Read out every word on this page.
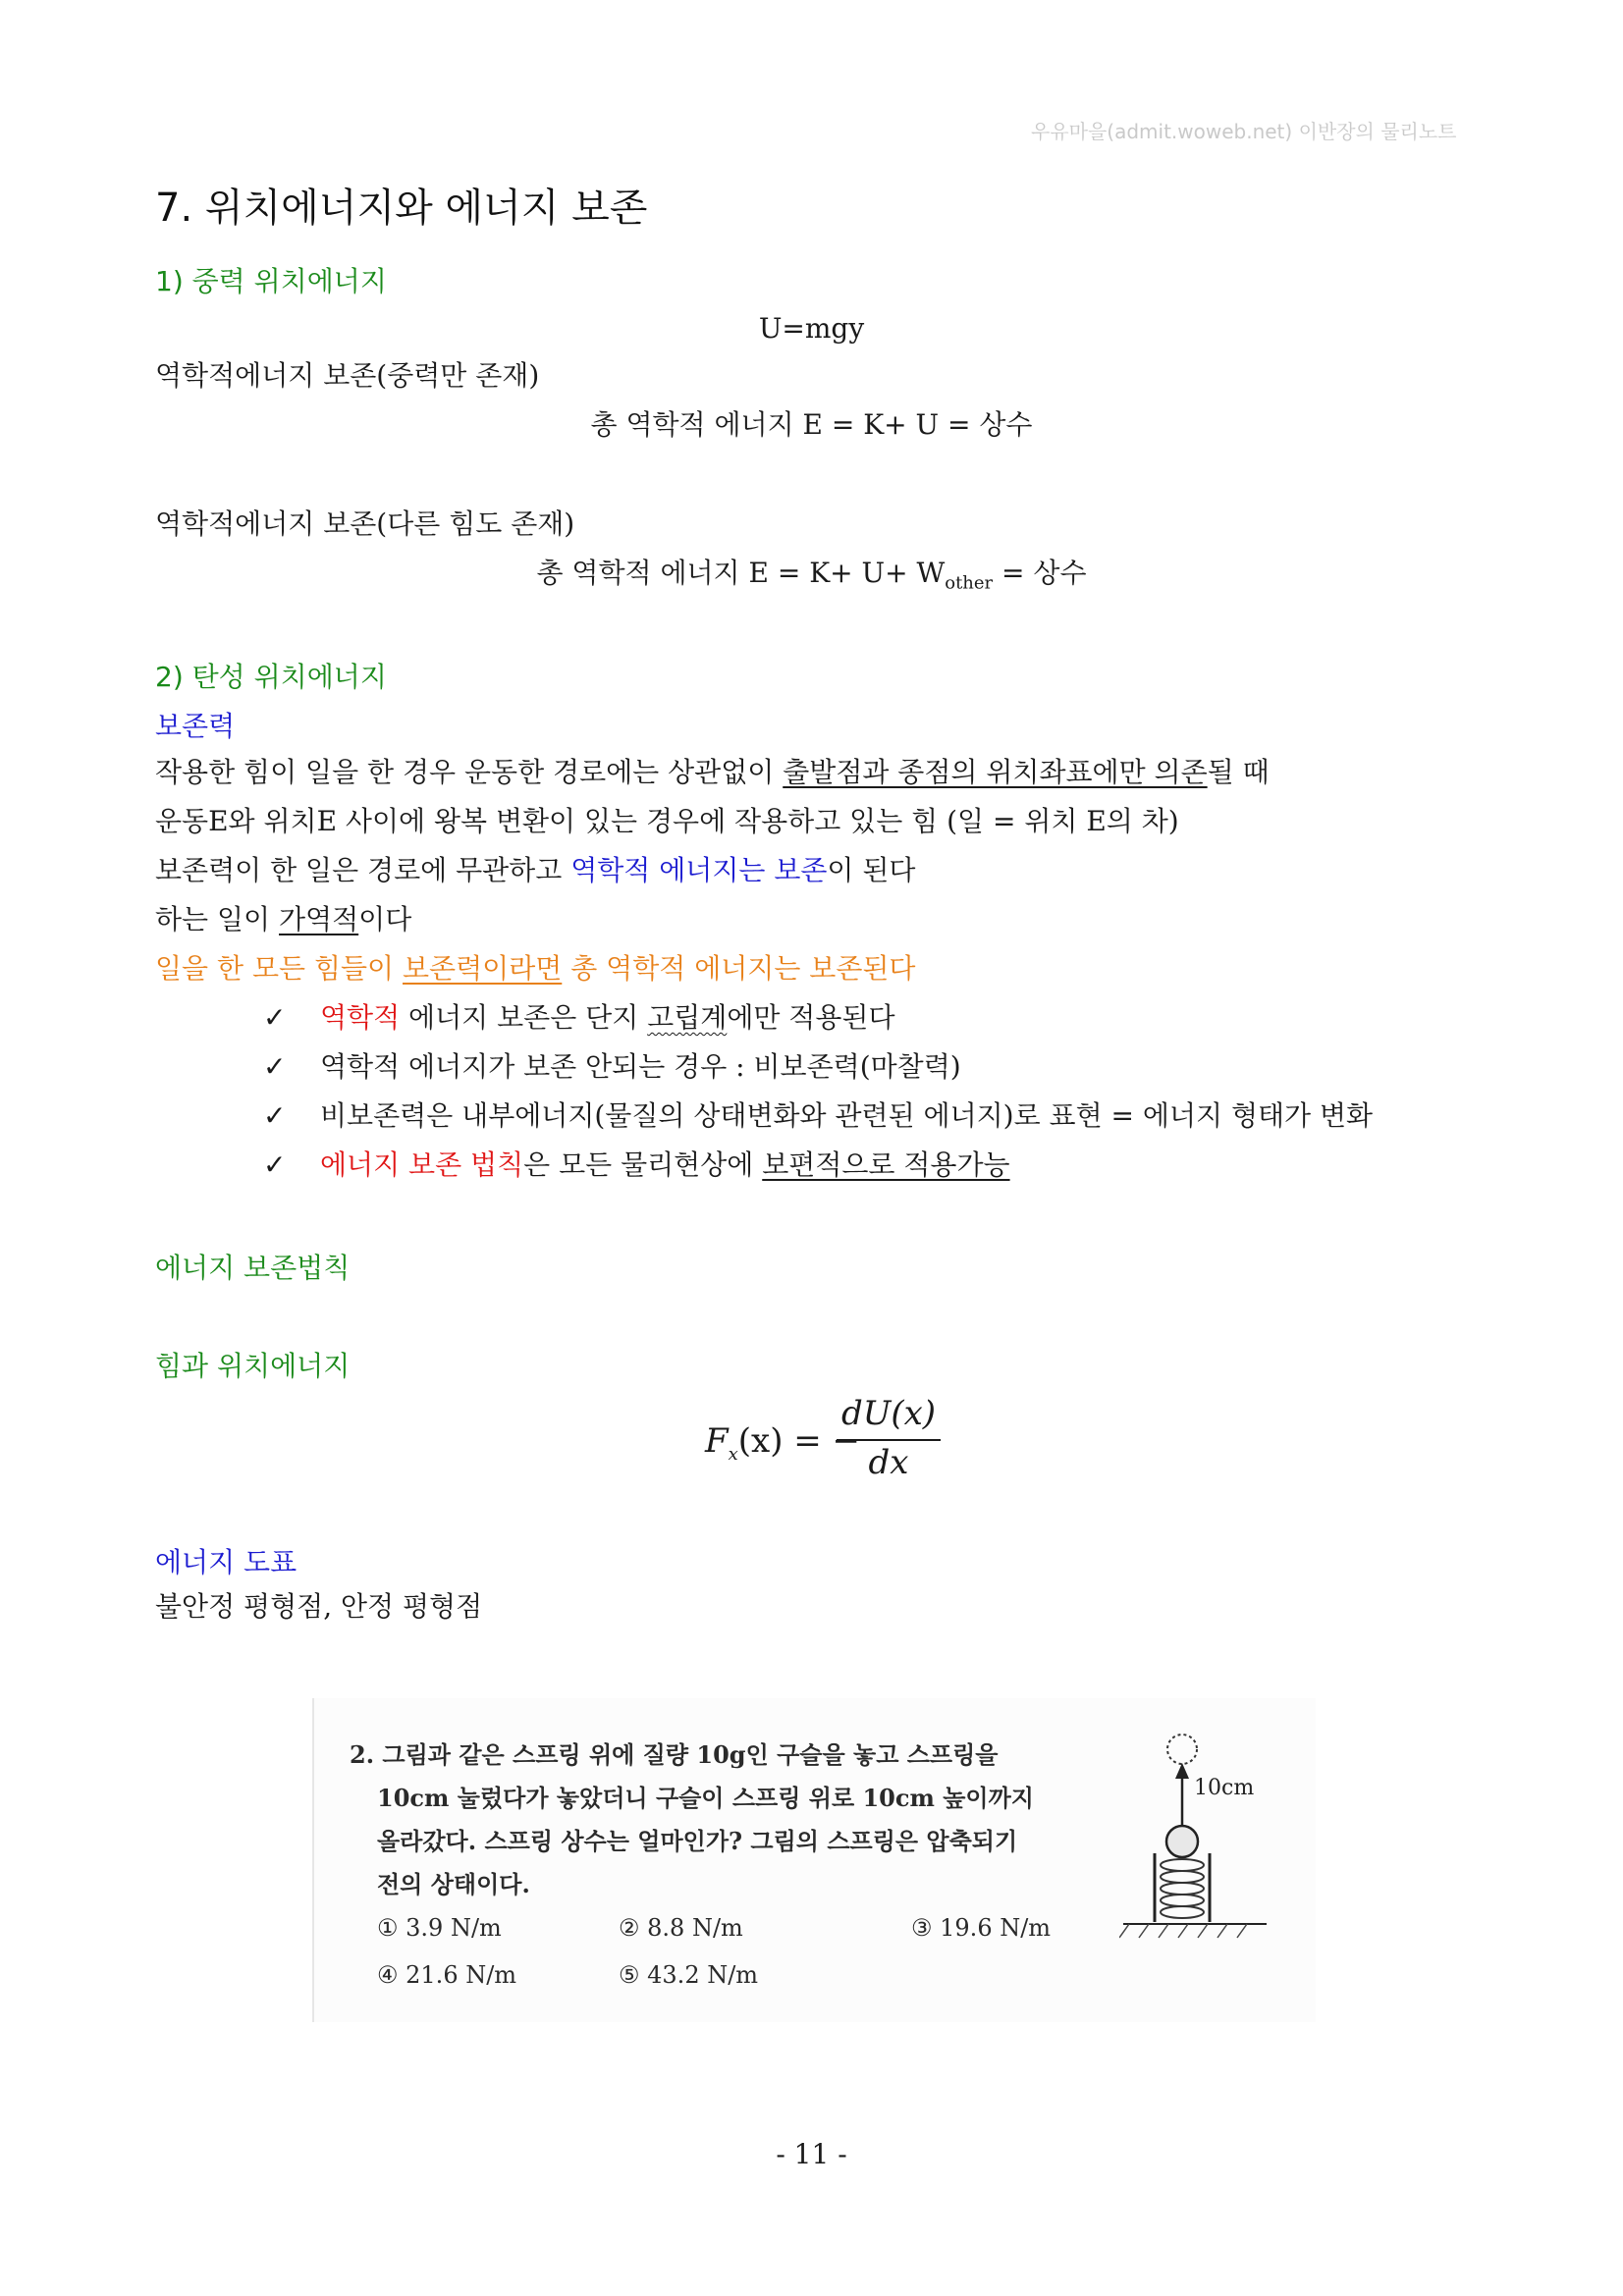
우유마을(admit.woweb.net) 이반장의 물리노트
7. 위치에너지와 에너지 보존
1) 중력 위치에너지
U=mgy
역학적에너지 보존(중력만 존재)
총 역학적 에너지 E = K+ U = 상수
역학적에너지 보존(다른 힘도 존재)
총 역학적 에너지 $E = K+ U+ W_{other}$ = 상수
2) 탄성 위치에너지
보존력
작용한 힘이 일을 한 경우 운동한 경로에는 상관없이 출발점과 종점의 위치좌표에만 의존될 때
운동E와 위치E 사이에 왕복 변환이 있는 경우에 작용하고 있는 힘 (일 = 위치 E의 차)
보존력이 한 일은 경로에 무관하고 역학적 에너지는 보존이 된다
하는 일이 가역적이다
일을 한 모든 힘들이 보존력이라면 총 역학적 에너지는 보존된다
✓ 역학적 에너지 보존은 단지 고립계에만 적용된다
✓ 역학적 에너지가 보존 안되는 경우 : 비보존력(마찰력)
✓ 비보존력은 내부에너지(물질의 상태변화와 관련된 에너지)로 표현 = 에너지 형태가 변화
✓ 에너지 보존 법칙은 모든 물리현상에 보편적으로 적용가능
에너지 보존법칙
힘과 위치에너지
$F_x(x)$ = −
dU(x)
dx
에너지 도표
불안정 평형점, 안정 평형점
2. 그림과 같은 스프링 위에 질량 10g인 구슬을 놓고 스프링을
10cm 눌렀다가 놓았더니 구슬이 스프링 위로 10cm 높이까지
올라갔다. 스프링 상수는 얼마인가? 그림의 스프링은 압축되기
전의 상태이다.
① 3.9 N/m	② 8.8 N/m	③ 19.6 N/m
④ 21.6 N/m	⑤ 43.2 N/m
10cm
- 11 -
